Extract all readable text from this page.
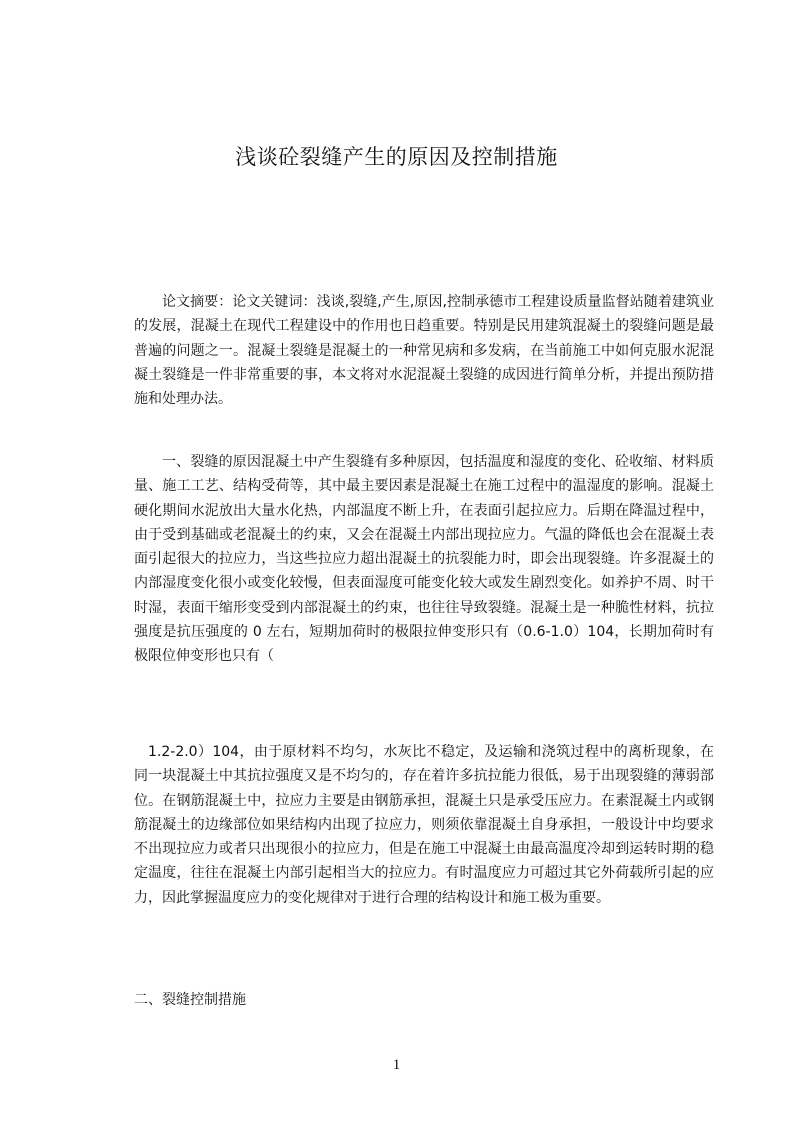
浅谈砼裂缝产生的原因及控制措施

论文摘要：论文关键词：浅谈,裂缝,产生,原因,控制承德市工程建设质量监督站随着建筑业的发展，混凝土在现代工程建设中的作用也日趋重要。特别是民用建筑混凝土的裂缝问题是最普遍的问题之一。混凝土裂缝是混凝土的一种常见病和多发病，在当前施工中如何克服水泥混凝土裂缝是一件非常重要的事，本文将对水泥混凝土裂缝的成因进行简单分析，并提出预防措施和处理办法。

一、裂缝的原因混凝土中产生裂缝有多种原因，包括温度和湿度的变化、砼收缩、材料质量、施工工艺、结构受荷等，其中最主要因素是混凝土在施工过程中的温湿度的影响。混凝土硬化期间水泥放出大量水化热，内部温度不断上升，在表面引起拉应力。后期在降温过程中，由于受到基础或老混凝土的约束，又会在混凝土内部出现拉应力。气温的降低也会在混凝土表面引起很大的拉应力，当这些拉应力超出混凝土的抗裂能力时，即会出现裂缝。许多混凝土的内部湿度变化很小或变化较慢，但表面湿度可能变化较大或发生剧烈变化。如养护不周、时干时湿，表面干缩形变受到内部混凝土的约束，也往往导致裂缝。混凝土是一种脆性材料，抗拉强度是抗压强度的 0 左右，短期加荷时的极限拉伸变形只有（0.6-1.0）104，长期加荷时有极限位伸变形也只有（

1.2-2.0）104，由于原材料不均匀，水灰比不稳定，及运输和浇筑过程中的离析现象，在同一块混凝土中其抗拉强度又是不均匀的，存在着许多抗拉能力很低，易于出现裂缝的薄弱部位。在钢筋混凝土中，拉应力主要是由钢筋承担，混凝土只是承受压应力。在素混凝土内或钢筋混凝土的边缘部位如果结构内出现了拉应力，则须依靠混凝土自身承担，一般设计中均要求不出现拉应力或者只出现很小的拉应力，但是在施工中混凝土由最高温度冷却到运转时期的稳定温度，往往在混凝土内部引起相当大的拉应力。有时温度应力可超过其它外荷载所引起的应力，因此掌握温度应力的变化规律对于进行合理的结构设计和施工极为重要。

二、裂缝控制措施

1
